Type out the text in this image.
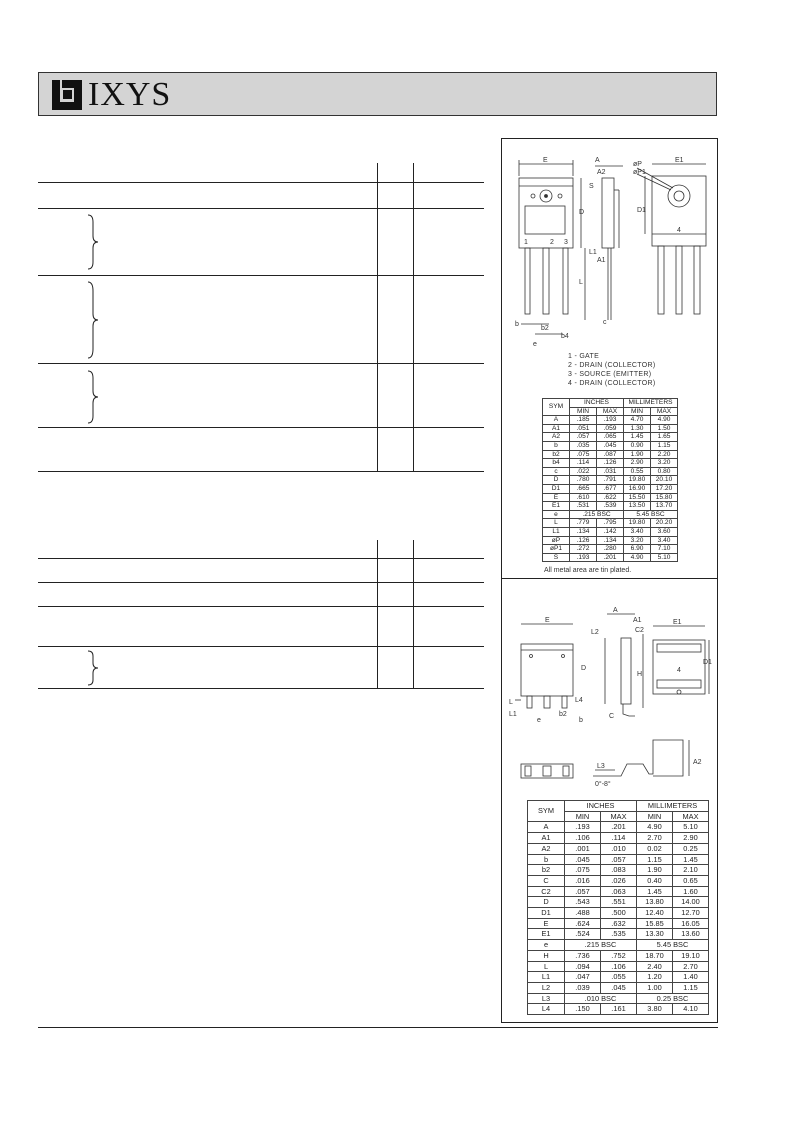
IXYS
E	A
A2
øP
øP1
E1
S
D	D1
L1
A1
L
b
b2
b4
c
e
1	2 3
4
1 - GATE
2 - DRAIN (COLLECTOR)
3 - SOURCE (EMITTER)
4 - DRAIN (COLLECTOR)
SYM	INCHES		MILLIMETERS	
	MIN	MAX	MIN	MAX
A	.185	.193	4.70	4.90
A1	.051	.059	1.30	1.50
A2	.057	.065	1.45	1.65
b	.035	.045	0.90	1.15
b2	.075	.087	1.90	2.20
b4	.114	.126	2.90	3.20
c	.022	.031	0.55	0.80
D	.780	.791	19.80	20.10
D1	.665	.677	16.90	17.20
E	.610	.622	15.50	15.80
E1	.531	.539	13.50	13.70
e	.215 BSC		5.45 BSC	
L	.779	.795	19.80	20.20
L1	.134	.142	3.40	3.60
øP	.126	.134	3.20	3.40
øP1	.272	.280	6.90	7.10
S	.193	.201	4.90	5.10
All metal area are tin plated.
E
A
A1
L2	C2
E1
D
D1
H
L
L1
L4
b
b2	C
e
4
L3
0°-8°
A2
SYM	INCHES		MILLIMETERS	
	MIN	MAX	MIN	MAX
A	.193	.201	4.90	5.10
A1	.106	.114	2.70	2.90
A2	.001	.010	0.02	0.25
b	.045	.057	1.15	1.45
b2	.075	.083	1.90	2.10
C	.016	.026	0.40	0.65
C2	.057	.063	1.45	1.60
D	.543	.551	13.80	14.00
D1	.488	.500	12.40	12.70
E	.624	.632	15.85	16.05
E1	.524	.535	13.30	13.60
e	.215 BSC		5.45 BSC	
H	.736	.752	18.70	19.10
L	.094	.106	2.40	2.70
L1	.047	.055	1.20	1.40
L2	.039	.045	1.00	1.15
L3	.010 BSC		0.25 BSC	
L4	.150	.161	3.80	4.10
